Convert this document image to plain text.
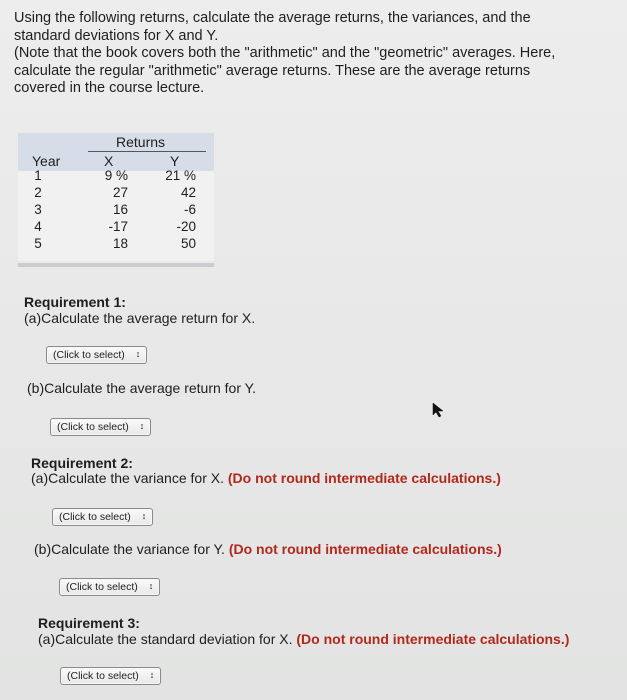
Using the following returns, calculate the average returns, the variances, and the

standard deviations for X and Y.

(Note that the book covers both the "arithmetic" and the "geometric" averages. Here,

calculate the regular "arithmetic" average returns. These are the average returns

covered in the course lecture.

Returns
Year	X	Y
1	9 %	21 %
2	27	42
3	16	-6
4	-17	-20
5	18	50
Requirement 1:
(a)Calculate the average return for X.
(Click to select) ↕
(b)Calculate the average return for Y.
(Click to select) ↕
Requirement 2:
(a)Calculate the variance for X. (Do not round intermediate calculations.)
(Click to select) ↕
(b)Calculate the variance for Y. (Do not round intermediate calculations.)
(Click to select) ↕
Requirement 3:
(a)Calculate the standard deviation for X. (Do not round intermediate calculations.)
(Click to select) ↕
